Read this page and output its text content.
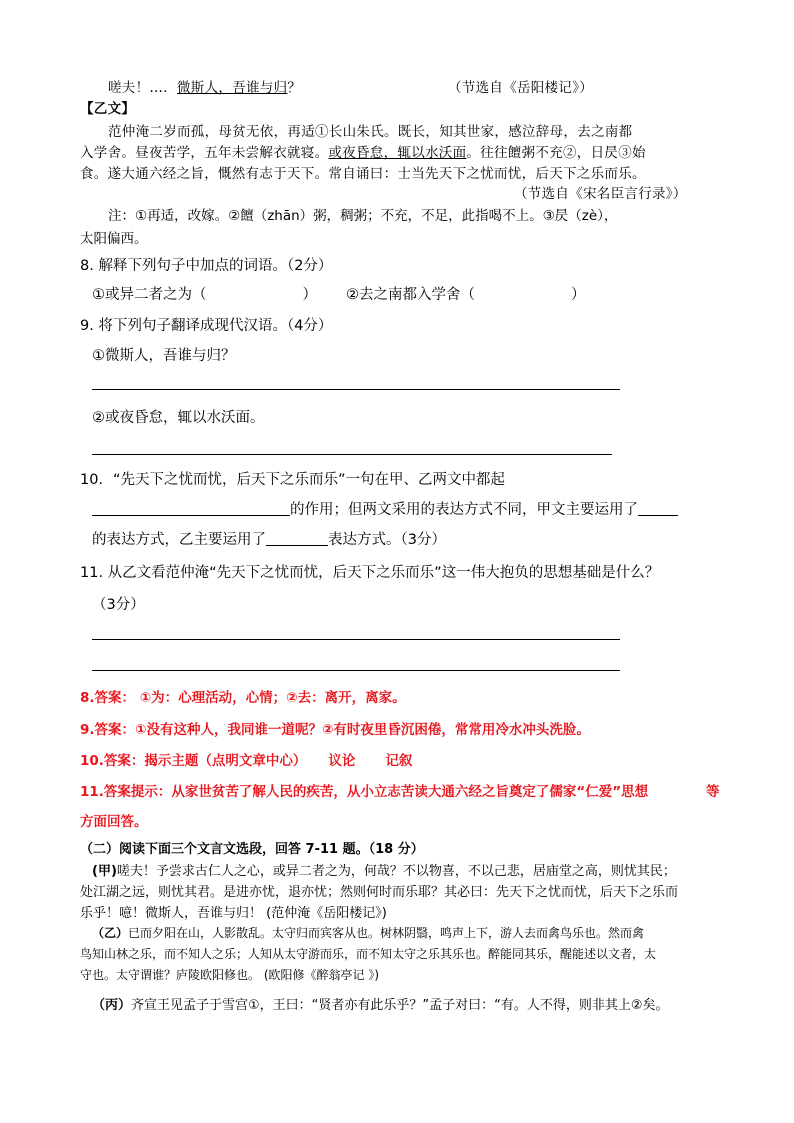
嗟夫！…．微斯人，吾谁与归？	（节选自《岳阳楼记》）
【乙文】
范仲淹二岁而孤，母贫无依，再适①长山朱氏。既长，知其世家，感泣辞母，去之南都
入学舍。昼夜苦学，五年未尝解衣就寝。或夜昏怠，辄以水沃面。往往饘粥不充②，日昃③始
食。遂大通六经之旨，慨然有志于天下。常自诵曰：士当先天下之忧而忧，后天下之乐而乐。
（节选自《宋名臣言行录》）
注：①再适，改嫁。②饘（zhān）粥，稠粥；不充，不足，此指喝不上。③昃（zè），
太阳偏西。
8. 解释下列句子中加点的词语。（2分）
①或异二者之为（	） ②去之南都入学舍（	）
9. 将下列句子翻译成现代汉语。（4分）
①微斯人，吾谁与归？
②或夜昏怠，辄以水沃面。
10．“先天下之忧而忧，后天下之乐而乐”一句在甲、乙两文中都起
的作用；但两文采用的表达方式不同，甲文主要运用了
的表达方式，乙主要运用了	表达方式。（3分）
11. 从乙文看范仲淹“先天下之忧而忧，后天下之乐而乐”这一伟大抱负的思想基础是什么？
（3分）
8.答案： ①为：心理活动，心情；②去：离开，离家。
9.答案：①没有这种人，我同谁一道呢？②有时夜里昏沉困倦，常常用冷水冲头洗脸。
10.答案：揭示主题（点明文章中心） 议论 记叙
11.答案提示：从家世贫苦了解人民的疾苦，从小立志苦读大通六经之旨奠定了儒家“仁爱”思想	等
方面回答。
（二）阅读下面三个文言文选段，回答 7-11 题。（18 分）
(甲)嗟夫！予尝求古仁人之心，或异二者之为，何哉？不以物喜，不以己悲，居庙堂之高，则忧其民；
处江湖之远，则忧其君。是进亦忧，退亦忧；然则何时而乐耶？其必曰：先天下之忧而忧，后天下之乐而
乐乎！噫！微斯人，吾谁与归！ (范仲淹《岳阳楼记》)
（乙）已而夕阳在山，人影散乱。太守归而宾客从也。树林阴翳，鸣声上下，游人去而禽鸟乐也。然而禽
鸟知山林之乐，而不知人之乐；人知从太守游而乐，而不知太守之乐其乐也。醉能同其乐，醒能述以文者，太
守也。太守谓谁？庐陵欧阳修也。 (欧阳修《醉翁亭记 》)
（丙）齐宣王见孟子于雪宫①，王曰：“贤者亦有此乐乎？”孟子对曰：“有。人不得，则非其上②矣。
